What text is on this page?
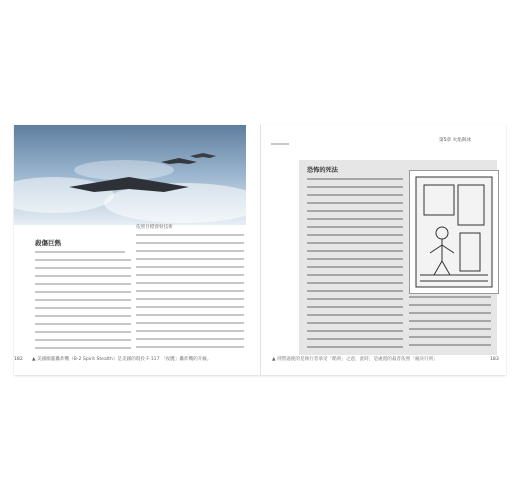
殺傷巨熱
依照目標發射技術
182 ▲ 美國幽靈轟炸機（B-2 Spirit Stealth）是美國的現役 F-117 「夜鷹」轟炸機的升級。
第5章 火焰與冰
恐怖的死法
183
▲ 刑罰逼使的是執行者承受「酷刑」之意，此時，是處置的殺者依照「處決行刑」
